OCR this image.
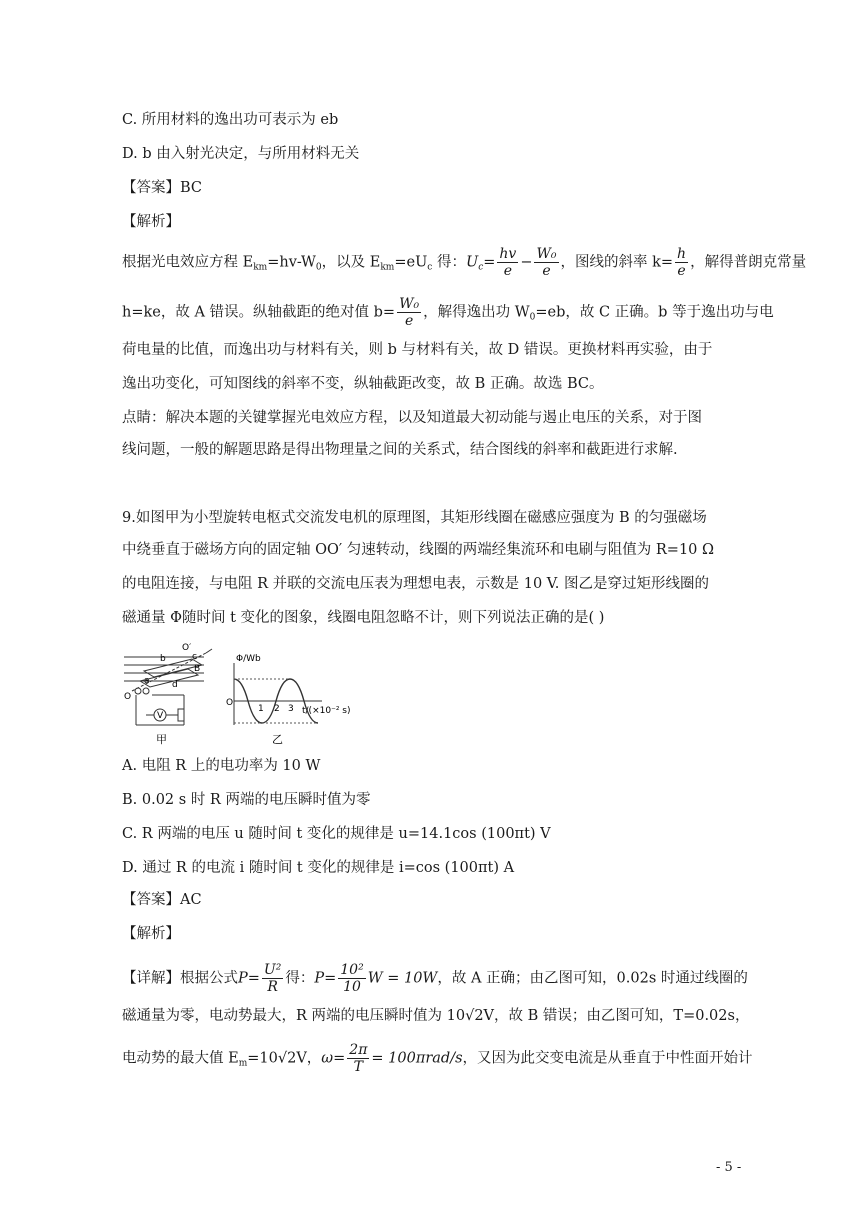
C. 所用材料的逸出功可表示为 eb
D. b 由入射光决定，与所用材料无关
【答案】BC
【解析】
根据光电效应方程 $E_{km}=hv-W_0$，以及 $E_{km}=eU_c$ 得：$U_c= \frac{hv}{e} - \frac{\text{W₀}}{e}$ ，图线的斜率 $k= \frac{h}{e}$ ，解得普朗克常量
h=ke，故 A 错误。纵轴截距的绝对值 $b= \frac{\text{W₀}}{e}$ ，解得逸出功 $W_0=eb$，故 C 正确。b 等于逸出功与电
荷电量的比值，而逸出功与材料有关，则 b 与材料有关，故 D 错误。更换材料再实验，由于
逸出功变化，可知图线的斜率不变，纵轴截距改变，故 B 正确。故选 BC。
点睛：解决本题的关键掌握光电效应方程，以及知道最大初动能与遏止电压的关系，对于图
线问题，一般的解题思路是得出物理量之间的关系式，结合图线的斜率和截距进行求解.
9.如图甲为小型旋转电枢式交流发电机的原理图，其矩形线圈在磁感应强度为 B 的匀强磁场
中绕垂直于磁场方向的固定轴 OO′ 匀速转动，线圈的两端经集流环和电刷与阻值为 R=10 Ω
的电阻连接，与电阻 R 并联的交流电压表为理想电表，示数是 10 V. 图乙是穿过矩形线圈的
磁通量 Φ随时间 t 变化的图象，线圈电阻忽略不计，则下列说法正确的是( )
O′
b	c
B
a d
O
V
Φ/Wb
O
1 2 3 t/(×10⁻² s)
甲	乙
A. 电阻 R 上的电功率为 10 W
B. 0.02 s 时 R 两端的电压瞬时值为零
C. R 两端的电压 u 随时间 t 变化的规律是 u=14.1cos (100πt) V
D. 通过 R 的电流 i 随时间 t 变化的规律是 i=cos (100πt) A
【答案】AC
【解析】
【详解】根据公式$P= \frac{\text{U²}}{R}$ 得：$P= \frac{\text{10²}}{10}$ W = 10W，故 A 正确；由乙图可知，0.02s 时通过线圈的
磁通量为零，电动势最大，R 两端的电压瞬时值为 10√2V，故 B 错误；由乙图可知，T=0.02s，
电动势的最大值 $E_m=10√2V$，$\omega= \frac{2\pi}{T} = 100\pi rad/s$，又因为此交变电流是从垂直于中性面开始计
- 5 -
